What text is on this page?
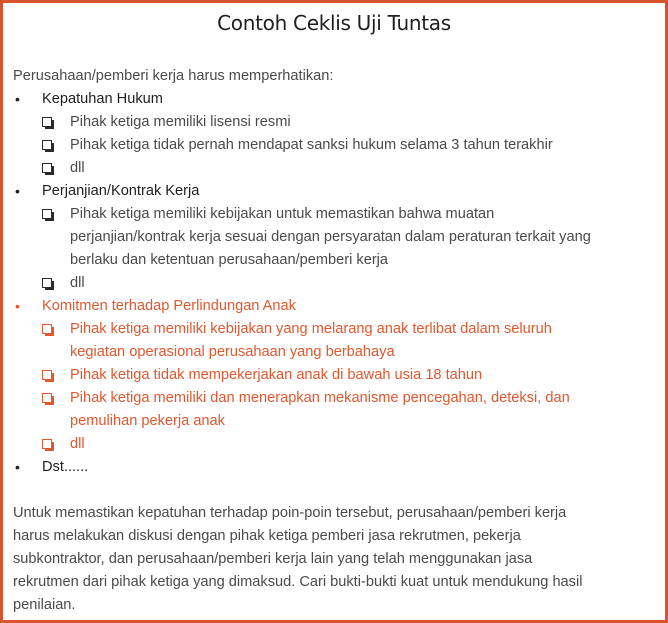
Contoh Ceklis Uji Tuntas
Perusahaan/pemberi kerja harus memperhatikan:
• Kepatuhan Hukum
Pihak ketiga memiliki lisensi resmi
Pihak ketiga tidak pernah mendapat sanksi hukum selama 3 tahun terakhir
dll
• Perjanjian/Kontrak Kerja
Pihak ketiga memiliki kebijakan untuk memastikan bahwa muatan
perjanjian/kontrak kerja sesuai dengan persyaratan dalam peraturan terkait yang
berlaku dan ketentuan perusahaan/pemberi kerja
dll
• Komitmen terhadap Perlindungan Anak
Pihak ketiga memiliki kebijakan yang melarang anak terlibat dalam seluruh
kegiatan operasional perusahaan yang berbahaya
Pihak ketiga tidak mempekerjakan anak di bawah usia 18 tahun
Pihak ketiga memiliki dan menerapkan mekanisme pencegahan, deteksi, dan
pemulihan pekerja anak
dll
• Dst......
Untuk memastikan kepatuhan terhadap poin-poin tersebut, perusahaan/pemberi kerja
harus melakukan diskusi dengan pihak ketiga pemberi jasa rekrutmen, pekerja
subkontraktor, dan perusahaan/pemberi kerja lain yang telah menggunakan jasa
rekrutmen dari pihak ketiga yang dimaksud. Cari bukti-bukti kuat untuk mendukung hasil
penilaian.
